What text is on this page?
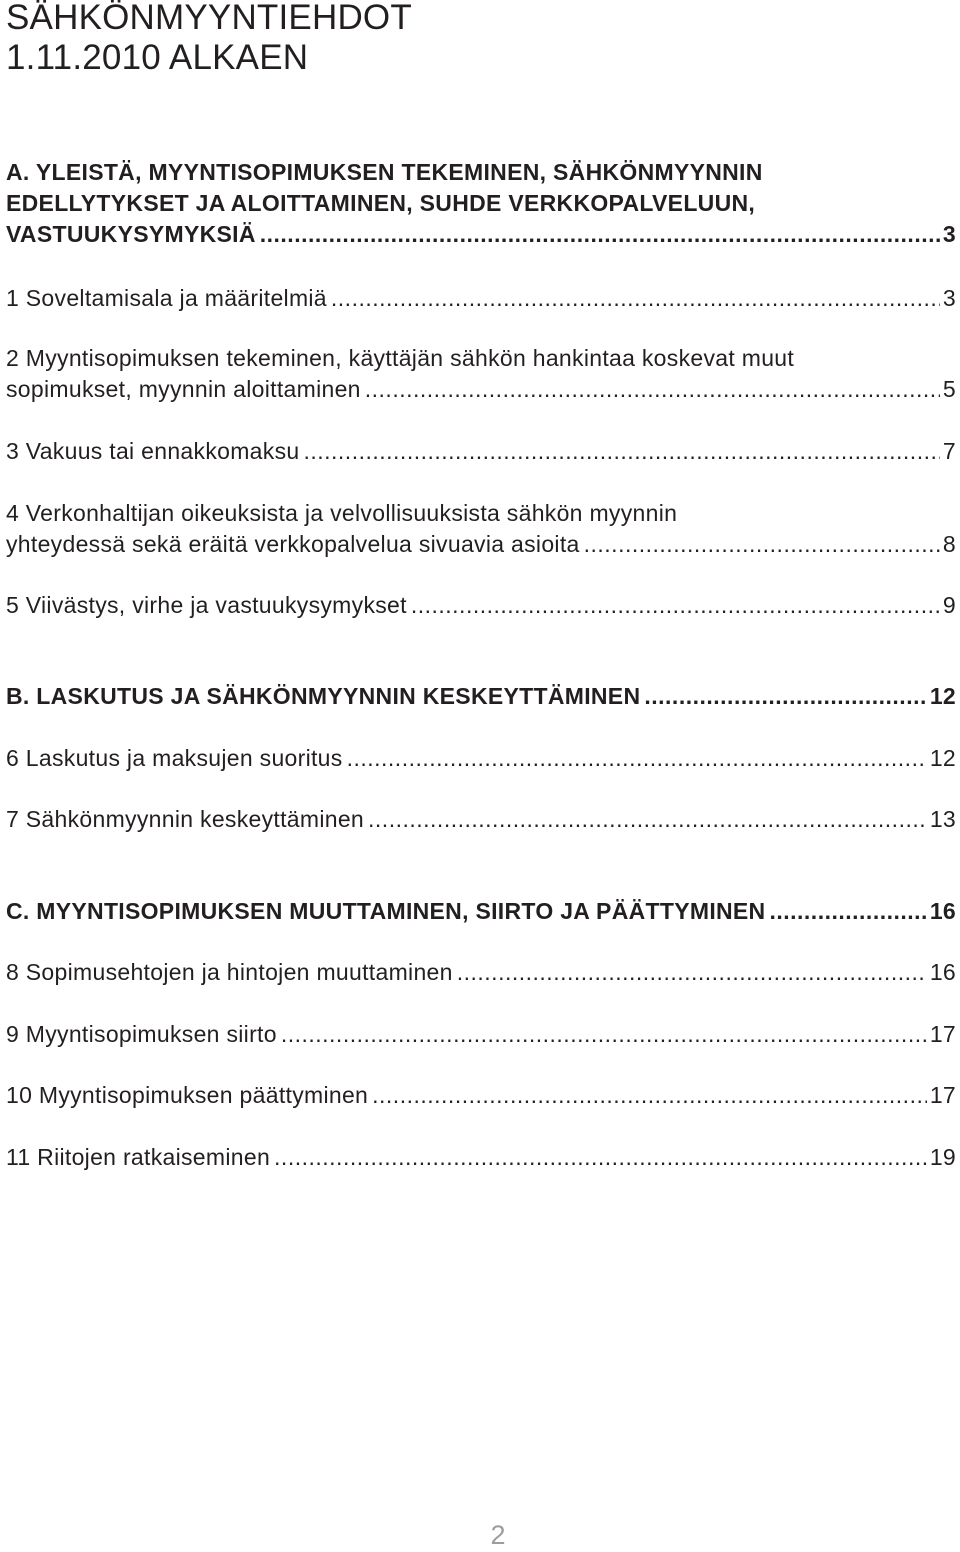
SÄHKÖNMYYNTIEHDOT
1.11.2010 ALKAEN
A. YLEISTÄ, MYYNTISOPIMUKSEN TEKEMINEN, SÄHKÖNMYYNNIN
EDELLYTYKSET JA ALOITTAMINEN, SUHDE VERKKOPALVELUUN,
VASTUUKYSYMYKSIÄ .....	3
1 Soveltamisala ja määritelmiä .....	3
2 Myyntisopimuksen tekeminen, käyttäjän sähkön hankintaa koskevat muut
sopimukset, myynnin aloittaminen .....	5
3 Vakuus tai ennakkomaksu .....	7
4 Verkonhaltijan oikeuksista ja velvollisuuksista sähkön myynnin
yhteydessä sekä eräitä verkkopalvelua sivuavia asioita .....	8
5 Viivästys, virhe ja vastuukysymykset .....	9
B. LASKUTUS JA SÄHKÖNMYYNNIN KESKEYTTÄMINEN .....	12
6 Laskutus ja maksujen suoritus .....	12
7 Sähkönmyynnin keskeyttäminen .....	13
C. MYYNTISOPIMUKSEN MUUTTAMINEN, SIIRTO JA PÄÄTTYMINEN .....	16
8 Sopimusehtojen ja hintojen muuttaminen .....	16
9 Myyntisopimuksen siirto .....	17
10 Myyntisopimuksen päättyminen .....	17
11 Riitojen ratkaiseminen .....	19
2
